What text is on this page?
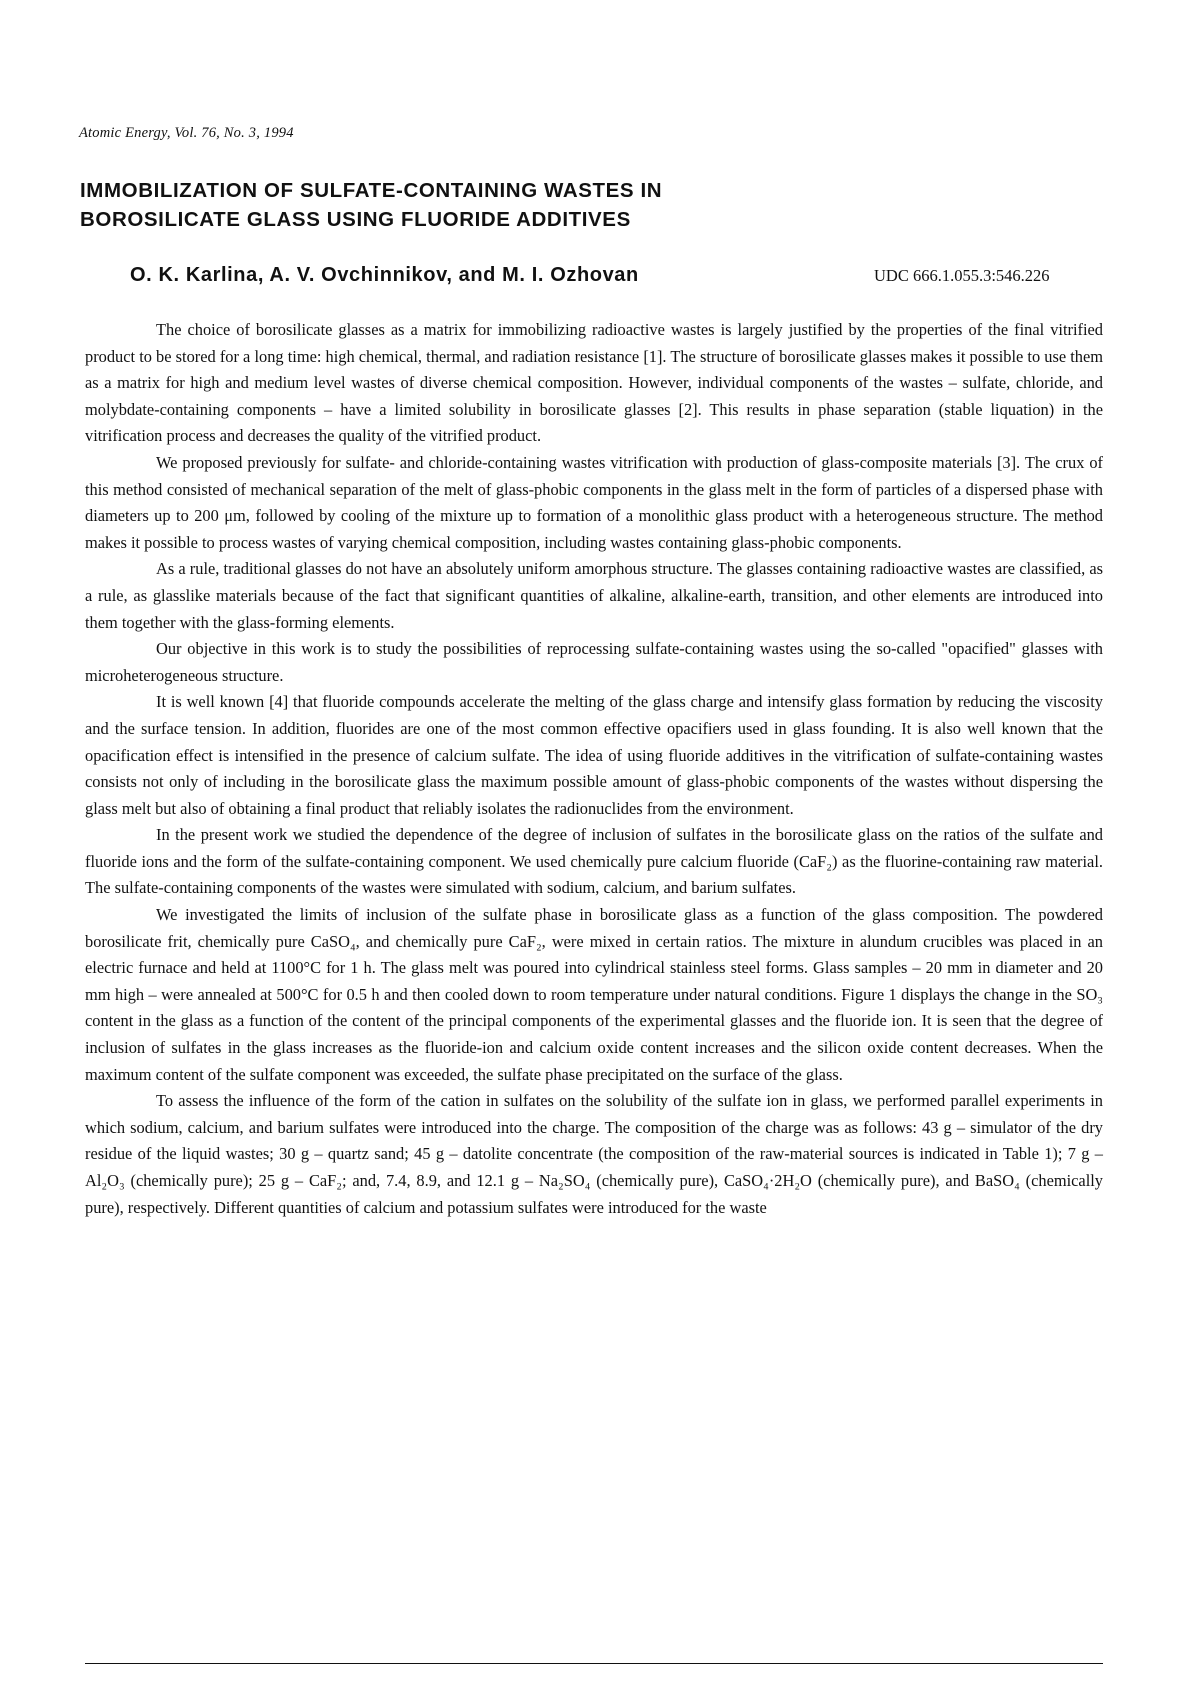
Atomic Energy, Vol. 76, No. 3, 1994
IMMOBILIZATION OF SULFATE-CONTAINING WASTES IN
BOROSILICATE GLASS USING FLUORIDE ADDITIVES
O. K. Karlina, A. V. Ovchinnikov, and M. I. Ozhovan	UDC 666.1.055.3:546.226

The choice of borosilicate glasses as a matrix for immobilizing radioactive wastes is largely justified by the properties of the final vitrified product to be stored for a long time: high chemical, thermal, and radiation resistance [1]. The structure of borosilicate glasses makes it possible to use them as a matrix for high and medium level wastes of diverse chemical composition. However, individual components of the wastes – sulfate, chloride, and molybdate-containing components – have a limited solubility in borosilicate glasses [2]. This results in phase separation (stable liquation) in the vitrification process and decreases the quality of the vitrified product.

We proposed previously for sulfate- and chloride-containing wastes vitrification with production of glass-composite materials [3]. The crux of this method consisted of mechanical separation of the melt of glass-phobic components in the glass melt in the form of particles of a dispersed phase with diameters up to 200 μm, followed by cooling of the mixture up to formation of a monolithic glass product with a heterogeneous structure. The method makes it possible to process wastes of varying chemical composition, including wastes containing glass-phobic components.

As a rule, traditional glasses do not have an absolutely uniform amorphous structure. The glasses containing radioactive wastes are classified, as a rule, as glasslike materials because of the fact that significant quantities of alkaline, alkaline-earth, transition, and other elements are introduced into them together with the glass-forming elements.

Our objective in this work is to study the possibilities of reprocessing sulfate-containing wastes using the so-called "opacified" glasses with microheterogeneous structure.

It is well known [4] that fluoride compounds accelerate the melting of the glass charge and intensify glass formation by reducing the viscosity and the surface tension. In addition, fluorides are one of the most common effective opacifiers used in glass founding. It is also well known that the opacification effect is intensified in the presence of calcium sulfate. The idea of using fluoride additives in the vitrification of sulfate-containing wastes consists not only of including in the borosilicate glass the maximum possible amount of glass-phobic components of the wastes without dispersing the glass melt but also of obtaining a final product that reliably isolates the radionuclides from the environment.

In the present work we studied the dependence of the degree of inclusion of sulfates in the borosilicate glass on the ratios of the sulfate and fluoride ions and the form of the sulfate-containing component. We used chemically pure calcium fluoride (CaF₂) as the fluorine-containing raw material. The sulfate-containing components of the wastes were simulated with sodium, calcium, and barium sulfates.

We investigated the limits of inclusion of the sulfate phase in borosilicate glass as a function of the glass composition. The powdered borosilicate frit, chemically pure CaSO₄, and chemically pure CaF₂, were mixed in certain ratios. The mixture in alundum crucibles was placed in an electric furnace and held at 1100°C for 1 h. The glass melt was poured into cylindrical stainless steel forms. Glass samples – 20 mm in diameter and 20 mm high – were annealed at 500°C for 0.5 h and then cooled down to room temperature under natural conditions. Figure 1 displays the change in the SO₃ content in the glass as a function of the content of the principal components of the experimental glasses and the fluoride ion. It is seen that the degree of inclusion of sulfates in the glass increases as the fluoride-ion and calcium oxide content increases and the silicon oxide content decreases. When the maximum content of the sulfate component was exceeded, the sulfate phase precipitated on the surface of the glass.

To assess the influence of the form of the cation in sulfates on the solubility of the sulfate ion in glass, we performed parallel experiments in which sodium, calcium, and barium sulfates were introduced into the charge. The composition of the charge was as follows: 43 g – simulator of the dry residue of the liquid wastes; 30 g – quartz sand; 45 g – datolite concentrate (the composition of the raw-material sources is indicated in Table 1); 7 g – Al₂O₃ (chemically pure); 25 g – CaF₂; and, 7.4, 8.9, and 12.1 g – Na₂SO₄ (chemically pure), CaSO₄·2H₂O (chemically pure), and BaSO₄ (chemically pure), respectively. Different quantities of calcium and potassium sulfates were introduced for the waste
